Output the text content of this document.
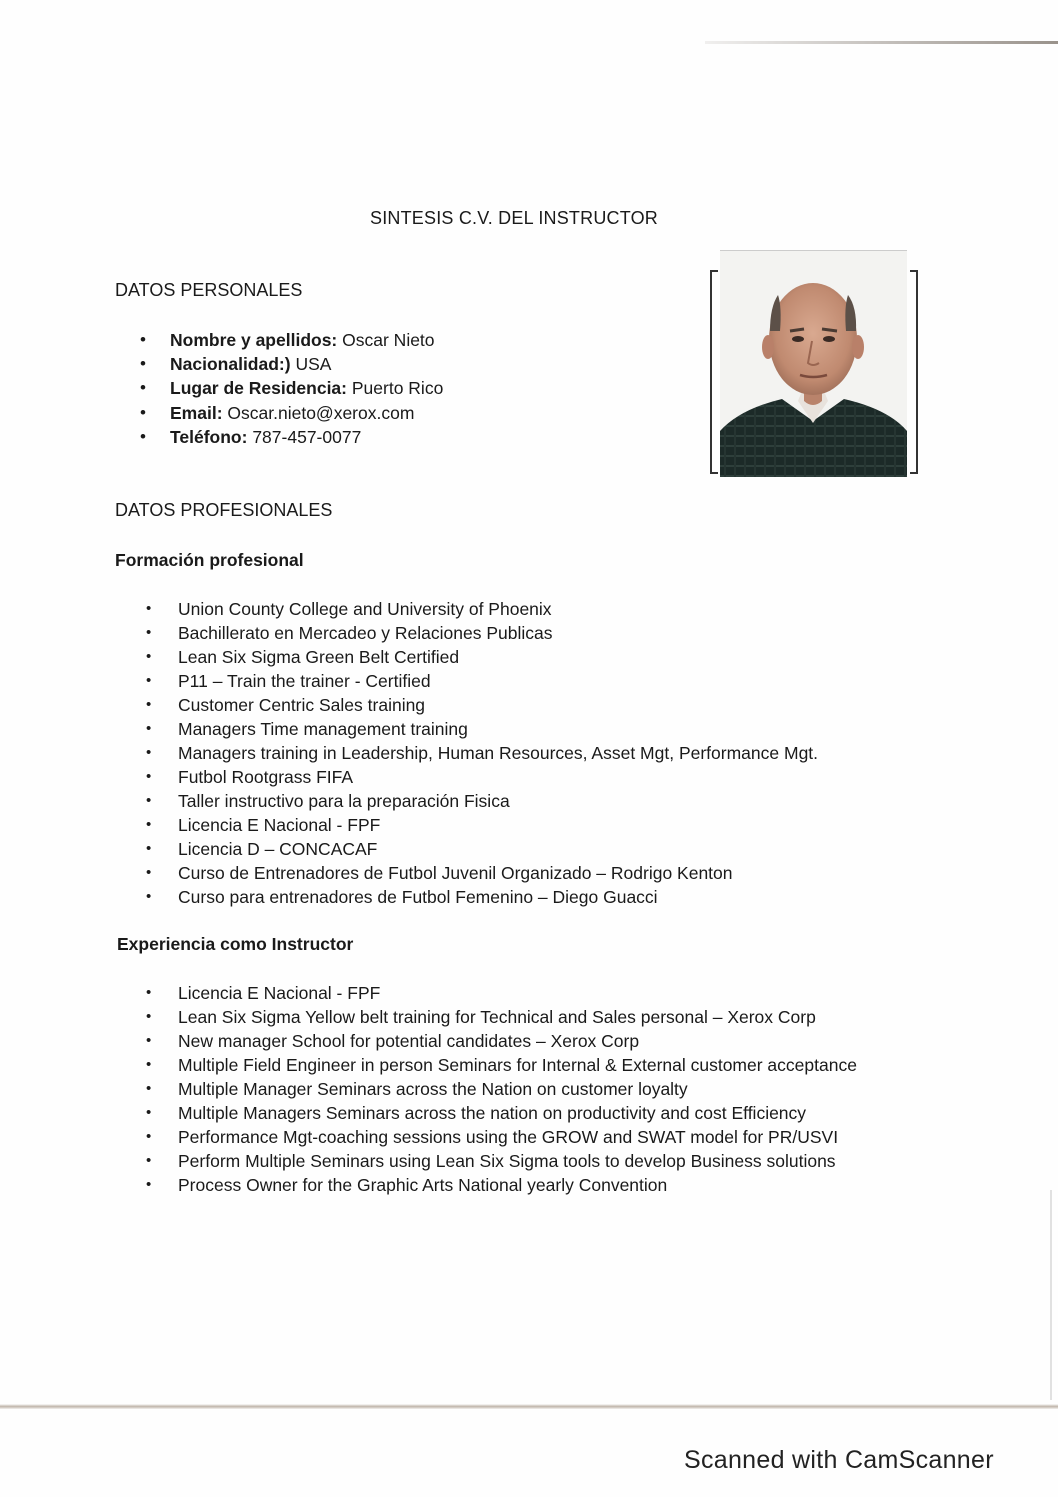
SINTESIS C.V. DEL INSTRUCTOR
DATOS PERSONALES
• Nombre y apellidos: Oscar Nieto
• Nacionalidad:) USA
• Lugar de Residencia: Puerto Rico
• Email: Oscar.nieto@xerox.com
• Teléfono: 787-457-0077
DATOS PROFESIONALES
Formación profesional
• Union County College and University of Phoenix
• Bachillerato en Mercadeo y Relaciones Publicas
• Lean Six Sigma Green Belt Certified
• P11 – Train the trainer - Certified
• Customer Centric Sales training
• Managers Time management training
• Managers training in Leadership, Human Resources, Asset Mgt, Performance Mgt.
• Futbol Rootgrass FIFA
• Taller instructivo para la preparación Fisica
• Licencia E Nacional - FPF
• Licencia D – CONCACAF
• Curso de Entrenadores de Futbol Juvenil Organizado – Rodrigo Kenton
• Curso para entrenadores de Futbol Femenino – Diego Guacci
Experiencia como Instructor
• Licencia E Nacional - FPF
• Lean Six Sigma Yellow belt training for Technical and Sales personal – Xerox Corp
• New manager School for potential candidates – Xerox Corp
• Multiple Field Engineer in person Seminars for Internal & External customer acceptance
• Multiple Manager Seminars across the Nation on customer loyalty
• Multiple Managers Seminars across the nation on productivity and cost Efficiency
• Performance Mgt-coaching sessions using the GROW and SWAT model for PR/USVI
• Perform Multiple Seminars using Lean Six Sigma tools to develop Business solutions
• Process Owner for the Graphic Arts National yearly Convention
Scanned with CamScanner
